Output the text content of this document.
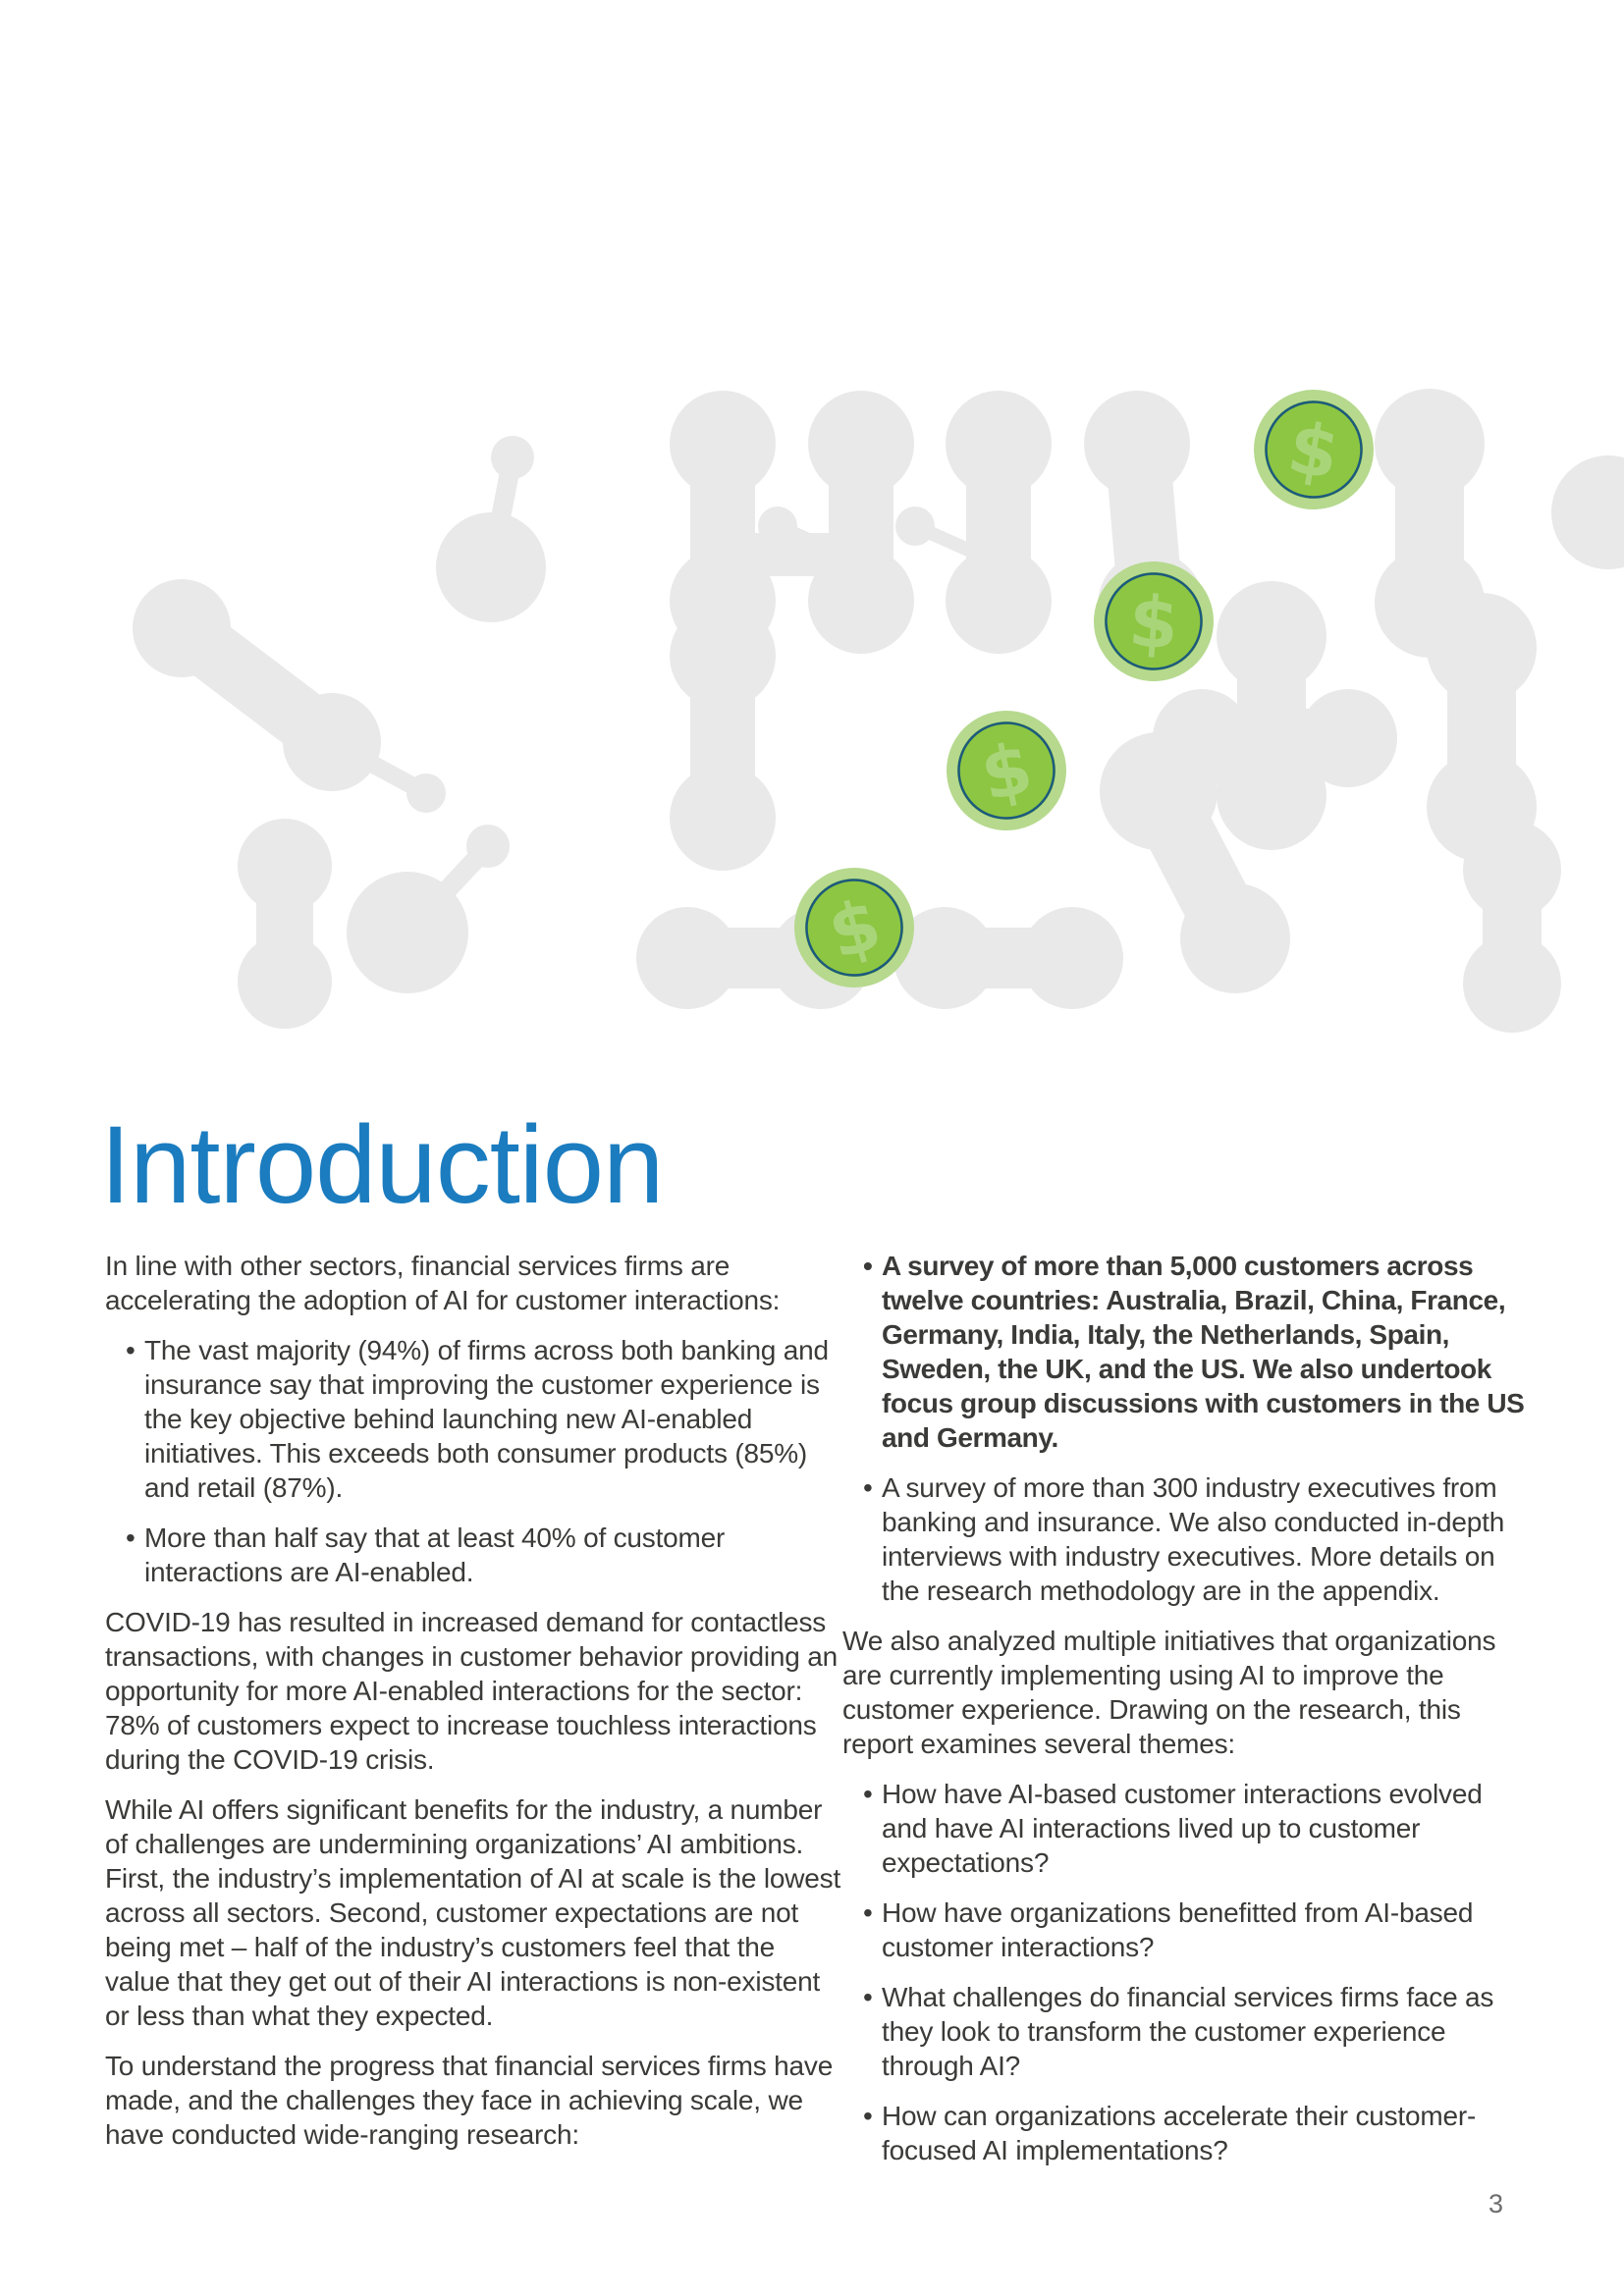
$
$
$
$
Introduction

In line with other sectors, financial services firms are accelerating the adoption of AI for customer interactions:

• The vast majority (94%) of firms across both banking and insurance say that improving the customer experience is the key objective behind launching new AI-enabled initiatives. This exceeds both consumer products (85%) and retail (87%).
• More than half say that at least 40% of customer interactions are AI-enabled.

COVID-19 has resulted in increased demand for contactless transactions, with changes in customer behavior providing an opportunity for more AI-enabled interactions for the sector: 78% of customers expect to increase touchless interactions during the COVID-19 crisis.

While AI offers significant benefits for the industry, a number of challenges are undermining organizations’ AI ambitions. First, the industry’s implementation of AI at scale is the lowest across all sectors. Second, customer expectations are not being met – half of the industry’s customers feel that the value that they get out of their AI interactions is non-existent or less than what they expected.

To understand the progress that financial services firms have made, and the challenges they face in achieving scale, we have conducted wide-ranging research:

• A survey of more than 5,000 customers across twelve countries: Australia, Brazil, China, France, Germany, India, Italy, the Netherlands, Spain, Sweden, the UK, and the US. We also undertook focus group discussions with customers in the US and Germany.
• A survey of more than 300 industry executives from banking and insurance. We also conducted in-depth interviews with industry executives. More details on the research methodology are in the appendix.

We also analyzed multiple initiatives that organizations are currently implementing using AI to improve the customer experience. Drawing on the research, this report examines several themes:

• How have AI-based customer interactions evolved and have AI interactions lived up to customer expectations?
• How have organizations benefitted from AI-based customer interactions?
• What challenges do financial services firms face as they look to transform the customer experience through AI?
• How can organizations accelerate their customer-focused AI implementations?
3
